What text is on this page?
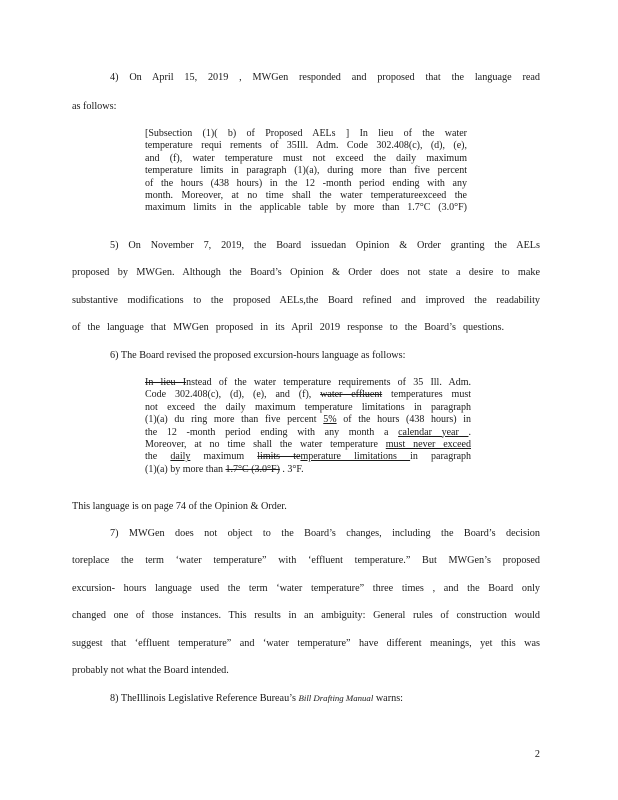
4) On April 15, 2019 , MWGen responded and proposed that the language read
as follows:
[Subsection (1)( b) of Proposed AELs ] In lieu of the water
temperature requi rements of 35Ill. Adm. Code 302.408(c), (d), (e),
and (f), water temperature must not exceed the daily maximum
temperature limits in paragraph (1)(a), during more than five percent
of the hours (438 hours) in the 12 -month period ending with any
month. Moreover, at no time shall the water temperatureexceed the
maximum limits in the applicable table by more than 1.7°C (3.0°F)
5) On November 7, 2019, the Board issuedan Opinion & Order granting the AELs
proposed by MWGen. Although the Board’s Opinion & Order does not state a desire to make
substantive modifications to the proposed AELs,the Board refined and improved the readability
of the language that MWGen proposed in its April 2019 response to the Board’s questions.
6) The Board revised the proposed excursion-hours language as follows:
In lieu Instead of the water temperature requirements of 35 Ill. Adm.
Code 302.408(c), (d), (e), and (f), water effluent temperatures must
not exceed the daily maximum temperature limitations in paragraph
(1)(a) du ring more than five percent 5% of the hours (438 hours) in
the 12 -month period ending with any month a calendar year .
Moreover, at no time shall the water temperature must never exceed
the daily maximum limits temperature limitations in paragraph
(1)(a) by more than 1.7°C (3.0°F) . 3°F.
This language is on page 74 of the Opinion & Order.
7) MWGen does not object to the Board’s changes, including the Board’s decision
toreplace the term ‘water temperature” with ‘effluent temperature.” But MWGen’s proposed
excursion- hours language used the term ‘water temperature” three times , and the Board only
changed one of those instances. This results in an ambiguity: General rules of construction would
suggest that ‘effluent temperature” and ‘water temperature” have different meanings, yet this was
probably not what the Board intended.
8) TheIllinois Legislative Reference Bureau’s Bill Drafting Manual warns:
2
